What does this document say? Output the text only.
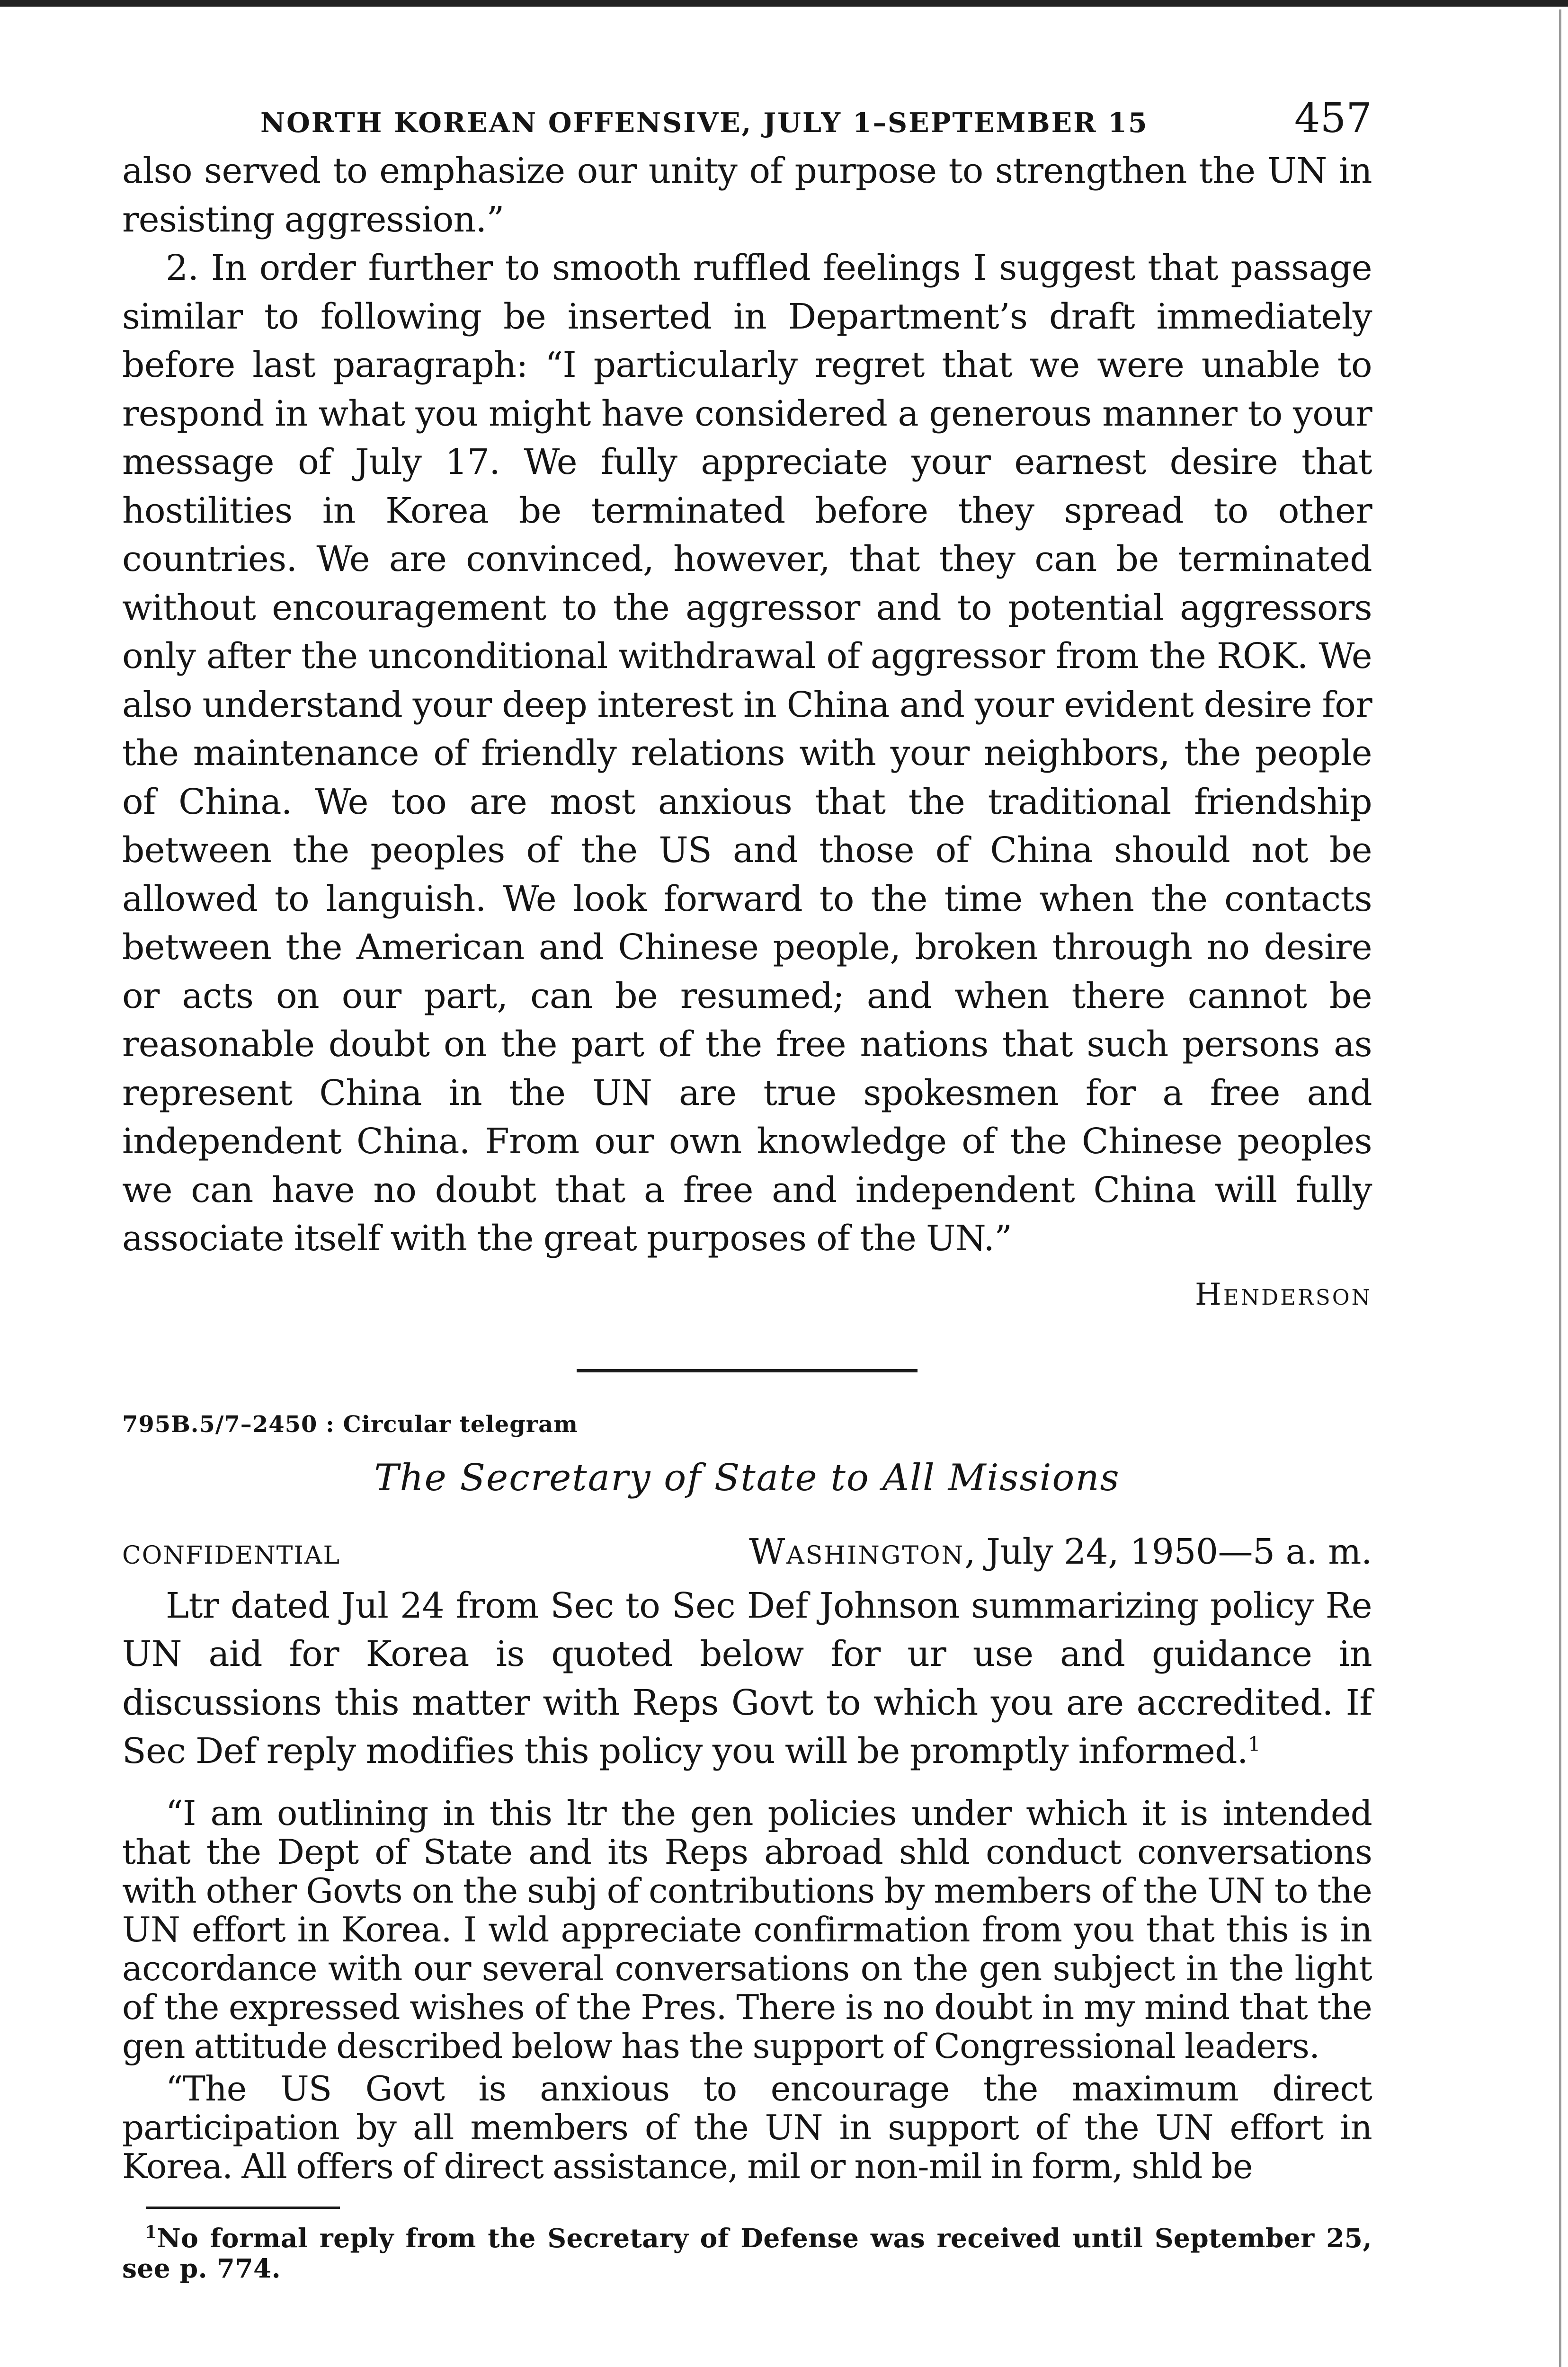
NORTH KOREAN OFFENSIVE, JULY 1–SEPTEMBER 15	457

also served to emphasize our unity of purpose to strengthen the UN in resisting aggression.”

2. In order further to smooth ruffled feelings I suggest that passage similar to following be inserted in Department’s draft immediately before last paragraph: “I particularly regret that we were unable to respond in what you might have considered a generous manner to your message of July 17. We fully appreciate your earnest desire that hostilities in Korea be terminated before they spread to other countries. We are convinced, however, that they can be terminated without encouragement to the aggressor and to potential aggressors only after the unconditional withdrawal of aggressor from the ROK. We also understand your deep interest in China and your evident desire for the maintenance of friendly relations with your neighbors, the people of China. We too are most anxious that the traditional friendship between the peoples of the US and those of China should not be allowed to languish. We look forward to the time when the contacts between the American and Chinese people, broken through no desire or acts on our part, can be resumed; and when there cannot be reasonable doubt on the part of the free nations that such persons as represent China in the UN are true spokesmen for a free and independent China. From our own knowledge of the Chinese peoples we can have no doubt that a free and independent China will fully associate itself with the great purposes of the UN.”

Henderson
795B.5/7–2450 : Circular telegram
The Secretary of State to All Missions
CONFIDENTIAL	Washington, July 24, 1950—5 a. m.

Ltr dated Jul 24 from Sec to Sec Def Johnson summarizing policy Re UN aid for Korea is quoted below for ur use and guidance in discussions this matter with Reps Govt to which you are accredited. If Sec Def reply modifies this policy you will be promptly informed.$^1$

“I am outlining in this ltr the gen policies under which it is intended that the Dept of State and its Reps abroad shld conduct conversations with other Govts on the subj of contributions by members of the UN to the UN effort in Korea. I wld appreciate confirmation from you that this is in accordance with our several conversations on the gen subject in the light of the expressed wishes of the Pres. There is no doubt in my mind that the gen attitude described below has the support of Congressional leaders.

“The US Govt is anxious to encourage the maximum direct participation by all members of the UN in support of the UN effort in Korea. All offers of direct assistance, mil or non-mil in form, shld be

$^1$No formal reply from the Secretary of Defense was received until September 25, see p. 774.
